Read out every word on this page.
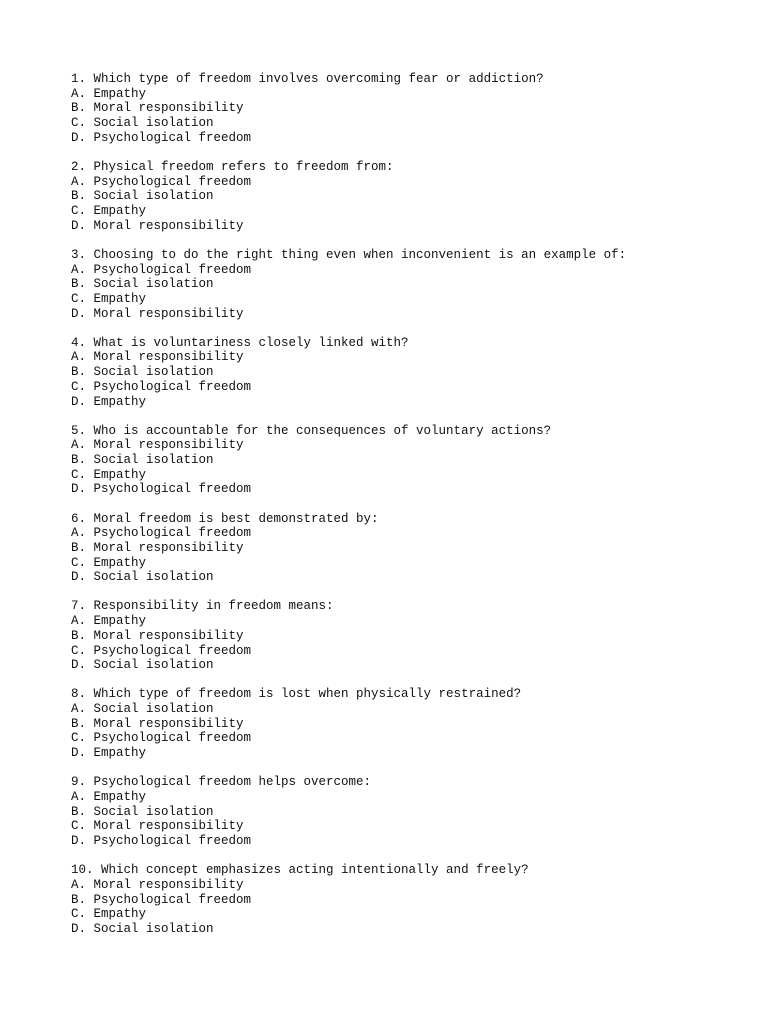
1. Which type of freedom involves overcoming fear or addiction?
A. Empathy
B. Moral responsibility
C. Social isolation
D. Psychological freedom
2. Physical freedom refers to freedom from:
A. Psychological freedom
B. Social isolation
C. Empathy
D. Moral responsibility
3. Choosing to do the right thing even when inconvenient is an example of:
A. Psychological freedom
B. Social isolation
C. Empathy
D. Moral responsibility
4. What is voluntariness closely linked with?
A. Moral responsibility
B. Social isolation
C. Psychological freedom
D. Empathy
5. Who is accountable for the consequences of voluntary actions?
A. Moral responsibility
B. Social isolation
C. Empathy
D. Psychological freedom
6. Moral freedom is best demonstrated by:
A. Psychological freedom
B. Moral responsibility
C. Empathy
D. Social isolation
7. Responsibility in freedom means:
A. Empathy
B. Moral responsibility
C. Psychological freedom
D. Social isolation
8. Which type of freedom is lost when physically restrained?
A. Social isolation
B. Moral responsibility
C. Psychological freedom
D. Empathy
9. Psychological freedom helps overcome:
A. Empathy
B. Social isolation
C. Moral responsibility
D. Psychological freedom
10. Which concept emphasizes acting intentionally and freely?
A. Moral responsibility
B. Psychological freedom
C. Empathy
D. Social isolation
